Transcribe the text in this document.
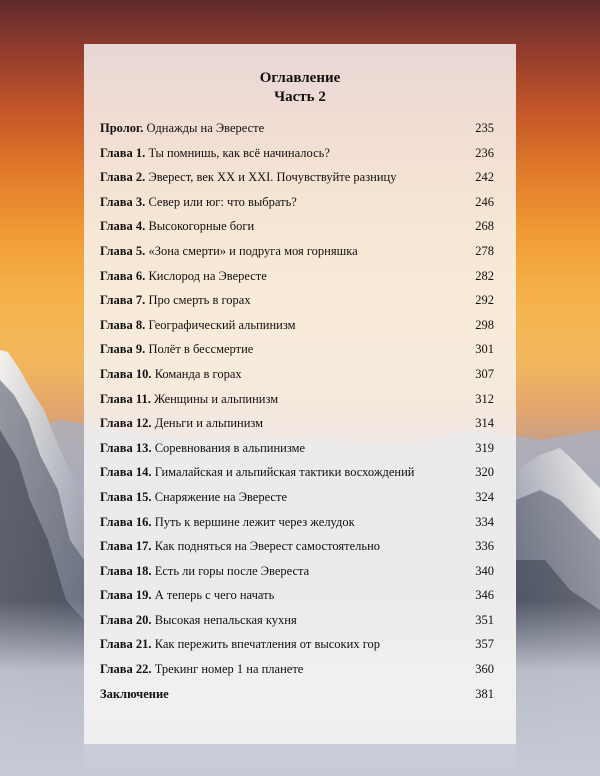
Оглавление
Часть 2
Пролог. Однажды на Эвересте	235
Глава 1. Ты помнишь, как всё начиналось?	236
Глава 2. Эверест, век XX и XXI. Почувствуйте разницу	242
Глава 3. Север или юг: что выбрать?	246
Глава 4. Высокогорные боги	268
Глава 5. «Зона смерти» и подруга моя горняшка	278
Глава 6. Кислород на Эвересте	282
Глава 7. Про смерть в горах	292
Глава 8. Географический альпинизм	298
Глава 9. Полёт в бессмертие	301
Глава 10. Команда в горах	307
Глава 11. Женщины и альпинизм	312
Глава 12. Деньги и альпинизм	314
Глава 13. Соревнования в альпинизме	319
Глава 14. Гималайская и альпийская тактики восхождений	320
Глава 15. Снаряжение на Эвересте	324
Глава 16. Путь к вершине лежит через желудок	334
Глава 17. Как подняться на Эверест самостоятельно	336
Глава 18. Есть ли горы после Эвереста	340
Глава 19. А теперь с чего начать	346
Глава 20. Высокая непальская кухня	351
Глава 21. Как пережить впечатления от высоких гор	357
Глава 22. Трекинг номер 1 на планете	360
Заключение	381
